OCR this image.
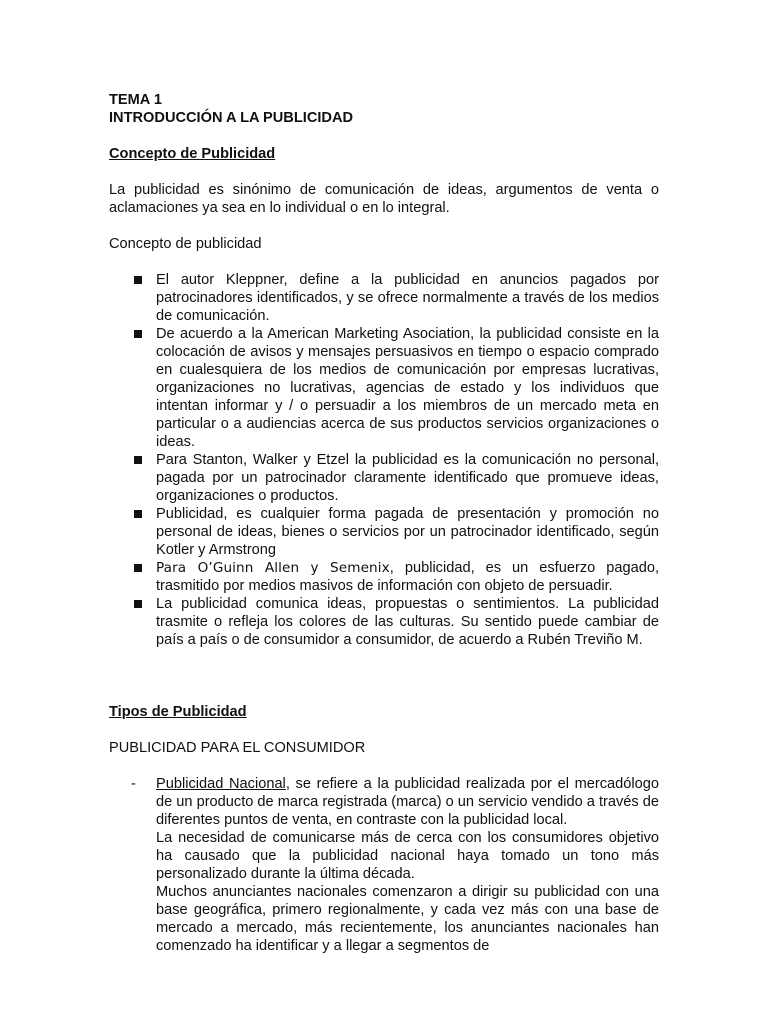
TEMA 1

INTRODUCCIÓN A LA PUBLICIDAD

Concepto de Publicidad

La publicidad es sinónimo de comunicación de ideas, argumentos de venta o aclamaciones ya sea en lo individual o en lo integral.

Concepto de publicidad

El autor Kleppner, define a la publicidad en anuncios pagados por patrocinadores identificados, y se ofrece normalmente a través de los medios de comunicación.
De acuerdo a la American Marketing Asociation, la publicidad consiste en la colocación de avisos y mensajes persuasivos en tiempo o espacio comprado en cualesquiera de los medios de comunicación por empresas lucrativas, organizaciones no lucrativas, agencias de estado y los individuos que intentan informar y / o persuadir a los miembros de un mercado meta en particular o a audiencias acerca de sus productos servicios organizaciones o ideas.
Para Stanton, Walker y Etzel la publicidad es la comunicación no personal, pagada por un patrocinador claramente identificado que promueve ideas, organizaciones o productos.
Publicidad, es cualquier forma pagada de presentación y promoción no personal de ideas, bienes o servicios por un patrocinador identificado, según Kotler y Armstrong
Para O’Guinn Allen y Semenix, publicidad, es un esfuerzo pagado, trasmitido por medios masivos de información con objeto de persuadir.
La publicidad comunica ideas, propuestas o sentimientos. La publicidad trasmite o refleja los colores de las culturas. Su sentido puede cambiar de país a país o de consumidor a consumidor, de acuerdo a Rubén Treviño M.

Tipos de Publicidad

PUBLICIDAD PARA EL CONSUMIDOR

- Publicidad Nacional, se refiere a la publicidad realizada por el mercadólogo de un producto de marca registrada (marca) o un servicio vendido a través de diferentes puntos de venta, en contraste con la publicidad local.

La necesidad de comunicarse más de cerca con los consumidores objetivo ha causado que la publicidad nacional haya tomado un tono más personalizado durante la última década.

Muchos anunciantes nacionales comenzaron a dirigir su publicidad con una base geográfica, primero regionalmente, y cada vez más con una base de mercado a mercado, más recientemente, los anunciantes nacionales han comenzado ha identificar y a llegar a segmentos de
